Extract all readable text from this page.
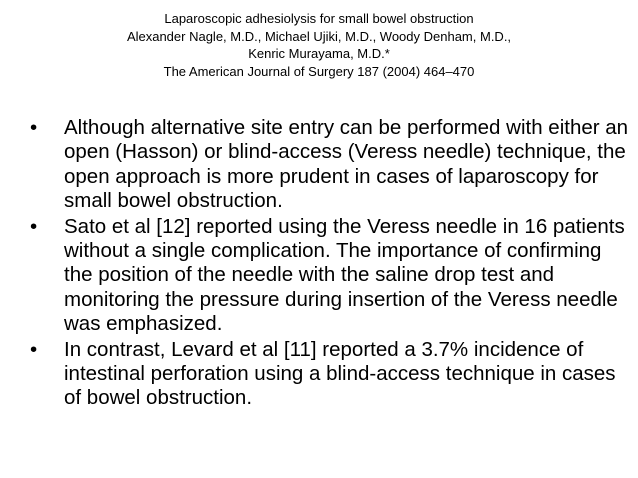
Laparoscopic adhesiolysis for small bowel obstruction
Alexander Nagle, M.D., Michael Ujiki, M.D., Woody Denham, M.D.,
Kenric Murayama, M.D.*
The American Journal of Surgery 187 (2004) 464–470
• Although alternative site entry can be performed with either an open (Hasson) or blind-access (Veress needle) technique, the open approach is more prudent in cases of laparoscopy for small bowel obstruction.
• Sato et al [12] reported using the Veress needle in 16 patients without a single complication. The importance of confirming the position of the needle with the saline drop test and monitoring the pressure during insertion of the Veress needle was emphasized.
• In contrast, Levard et al [11] reported a 3.7% incidence of intestinal perforation using a blind-access technique in cases of bowel obstruction.
